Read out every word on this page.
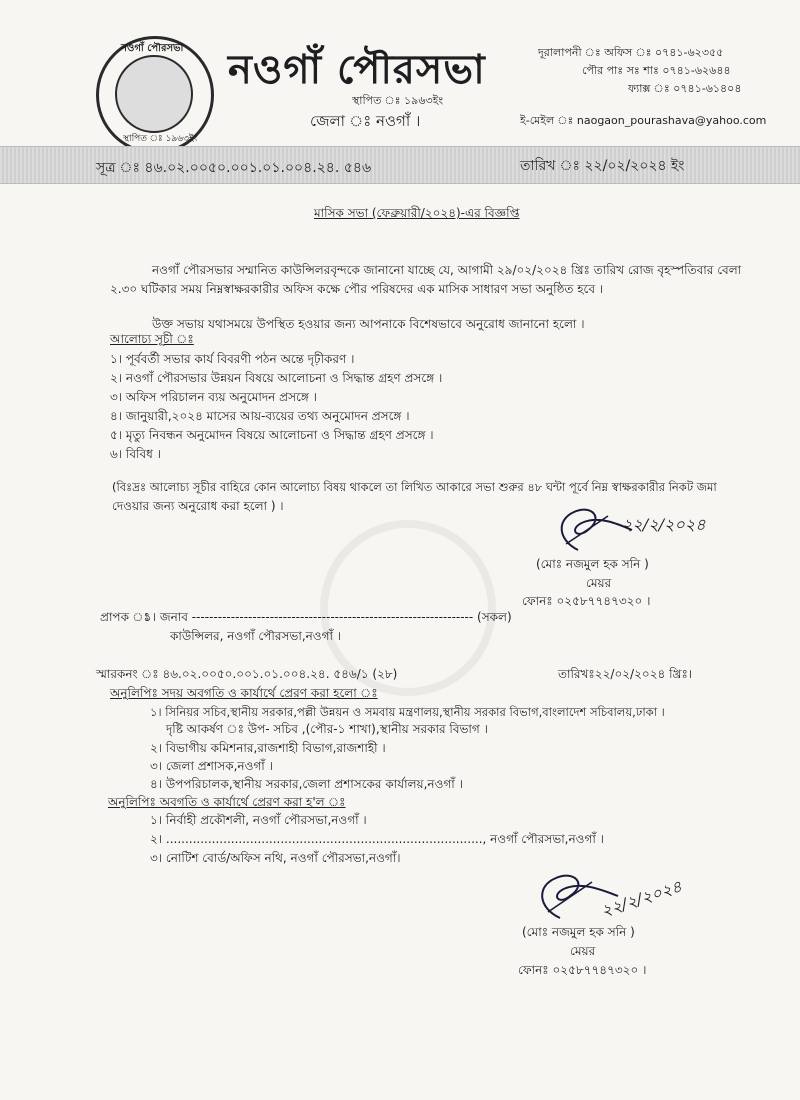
নওগাঁ পৌরসভা
স্থাপিত ঃ ১৯৬৩ইং
নওগাঁ পৌরসভা
স্থাপিত ঃ ১৯৬৩ইং
জেলা ঃ নওগাঁ ।
দূরালাপনী ঃ অফিস ঃ ০৭৪১-৬২৩৫৫
পৌর পাঃ সঃ শাঃ ০৭৪১-৬২৬৪৪
ফ্যাক্স ঃ ০৭৪১-৬১৪০৪
ই-মেইল ঃ naogaon_pourashava@yahoo.com
সূত্র ঃ ৪৬.০২.০০৫০.০০১.০১.০০৪.২৪. ৫৪৬	তারিখ ঃ ২২/০২/২০২৪ ইং
মাসিক সভা (ফেব্রুয়ারী/২০২৪)-এর বিজ্ঞপ্তি
নওগাঁ পৌরসভার সম্মানিত কাউন্সিলরবৃন্দকে জানানো যাচ্ছে যে, আগামী ২৯/০২/২০২৪ খ্রিঃ তারিখ রোজ বৃহস্পতিবার বেলা
২.৩০ ঘটিকার সময় নিম্নস্বাক্ষরকারীর অফিস কক্ষে পৌর পরিষদের এক মাসিক সাধারণ সভা অনুষ্ঠিত হবে ।
উক্ত সভায় যথাসময়ে উপস্থিত হওয়ার জন্য আপনাকে বিশেষভাবে অনুরোধ জানানো হলো ।
আলোচ্য সূচী ঃ
১। পূর্ববর্তী সভার কার্য বিবরণী পঠন অন্তে দৃঢ়ীকরণ ।
২। নওগাঁ পৌরসভার উন্নয়ন বিষয়ে আলোচনা ও সিদ্ধান্ত গ্রহণ প্রসঙ্গে ।
৩। অফিস পরিচালন ব্যয় অনুমোদন প্রসঙ্গে ।
৪। জানুয়ারী,২০২৪ মাসের আয়-ব্যয়ের তথ্য অনুমোদন প্রসঙ্গে ।
৫। মৃত্যু নিবন্ধন অনুমোদন বিষয়ে আলোচনা ও সিদ্ধান্ত গ্রহণ প্রসঙ্গে ।
৬। বিবিধ ।
(বিঃদ্রঃ আলোচ্য সূচীর বাহিরে কোন আলোচ্য বিষয় থাকলে তা লিখিত আকারে সভা শুরুর ৪৮ ঘন্টা পূর্বে নিম্ন স্বাক্ষরকারীর নিকট জমা
দেওয়ার জন্য অনুরোধ করা হলো ) ।
২২/২/২০২৪
(মোঃ নজমুল হক সনি )
মেয়র
ফোনঃ ০২৫৮৭৭৪৭৩২০ ।
প্রাপক ঃ
১। জনাব ----------------------------------------------------------------- (সকল)
কাউন্সিলর, নওগাঁ পৌরসভা,নওগাঁ ।
স্মারকনং ঃ ৪৬.০২.০০৫০.০০১.০১.০০৪.২৪. ৫৪৬/১ (২৮)	তারিখঃ২২/০২/২০২৪ খ্রিঃ।
অনুলিপিঃ সদয় অবগতি ও কার্যার্থে প্রেরণ করা হলো ঃ
১। সিনিয়র সচিব,স্থানীয় সরকার,পল্লী উন্নয়ন ও সমবায় মন্ত্রণালয়,স্থানীয় সরকার বিভাগ,বাংলাদেশ সচিবালয়,ঢাকা ।
দৃষ্টি আকর্ষণ ঃ উপ- সচিব ,(পৌর-১ শাখা),স্থানীয় সরকার বিভাগ ।
২। বিভাগীয় কমিশনার,রাজশাহী বিভাগ,রাজশাহী ।
৩। জেলা প্রশাসক,নওগাঁ ।
৪। উপপরিচালক,স্থানীয় সরকার,জেলা প্রশাসকের কার্যালয়,নওগাঁ ।
অনুলিপিঃ অবগতি ও কার্যার্থে প্রেরণ করা হ'ল ঃ
১। নির্বাহী প্রকৌশলী, নওগাঁ পৌরসভা,নওগাঁ ।
২। ..................................................................................., নওগাঁ পৌরসভা,নওগাঁ ।
৩। নোটিশ বোর্ড/অফিস নথি, নওগাঁ পৌরসভা,নওগাঁ।
২২/২/২০২৪
(মোঃ নজমুল হক সনি )
মেয়র
ফোনঃ ০২৫৮৭৭৪৭৩২০ ।
